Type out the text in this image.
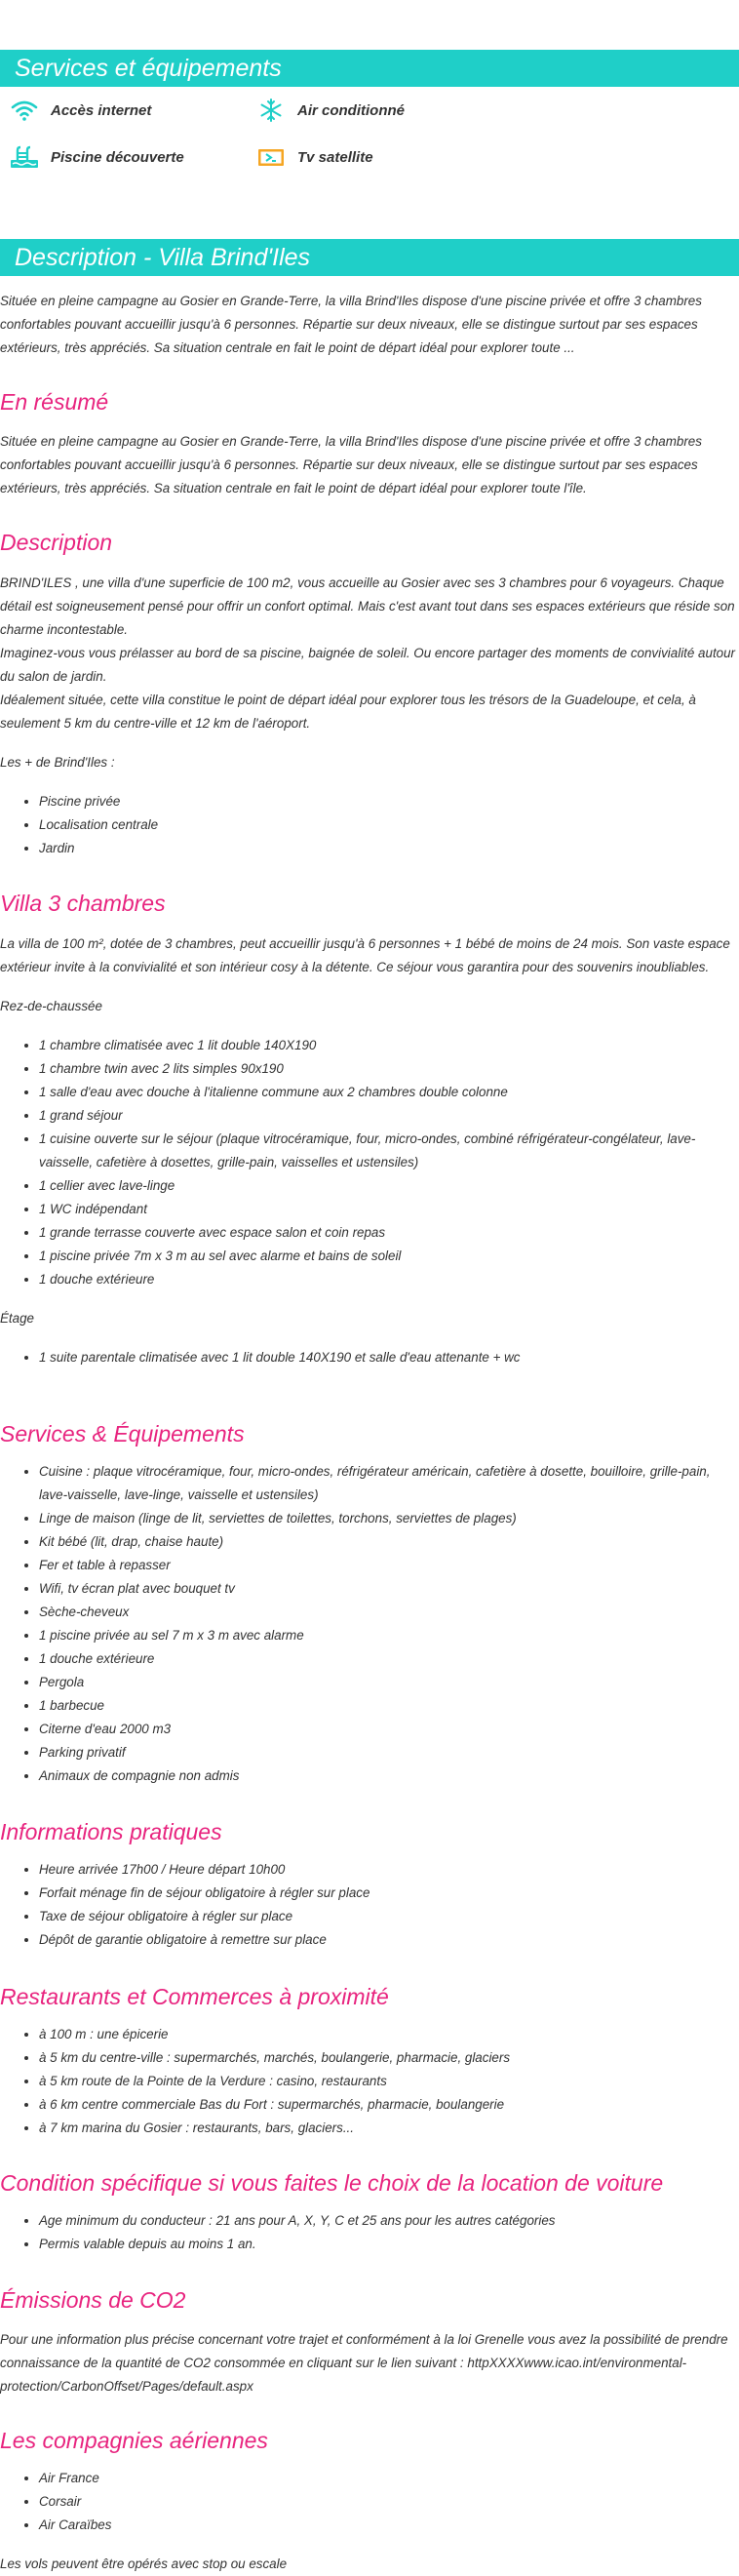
Services et équipements
Accès internet	Air conditionné
Piscine découverte	Tv satellite
Description - Villa Brind'Iles

Située en pleine campagne au Gosier en Grande-Terre, la villa Brind'Iles dispose d'une piscine privée et offre 3 chambres confortables pouvant accueillir jusqu'à 6 personnes. Répartie sur deux niveaux, elle se distingue surtout par ses espaces extérieurs, très appréciés. Sa situation centrale en fait le point de départ idéal pour explorer toute ...

En résumé

Située en pleine campagne au Gosier en Grande-Terre, la villa Brind'Iles dispose d'une piscine privée et offre 3 chambres confortables pouvant accueillir jusqu'à 6 personnes. Répartie sur deux niveaux, elle se distingue surtout par ses espaces extérieurs, très appréciés. Sa situation centrale en fait le point de départ idéal pour explorer toute l'île.

Description

BRIND'ILES , une villa d'une superficie de 100 m2, vous accueille au Gosier avec ses 3 chambres pour 6 voyageurs. Chaque détail est soigneusement pensé pour offrir un confort optimal. Mais c'est avant tout dans ses espaces extérieurs que réside son charme incontestable.

Imaginez-vous vous prélasser au bord de sa piscine, baignée de soleil. Ou encore partager des moments de convivialité autour du salon de jardin.

Idéalement située, cette villa constitue le point de départ idéal pour explorer tous les trésors de la Guadeloupe, et cela, à seulement 5 km du centre-ville et 12 km de l'aéroport.

Les + de Brind'Iles :

• Piscine privée
• Localisation centrale
• Jardin
Villa 3 chambres

La villa de 100 m², dotée de 3 chambres, peut accueillir jusqu'à 6 personnes + 1 bébé de moins de 24 mois. Son vaste espace extérieur invite à la convivialité et son intérieur cosy à la détente. Ce séjour vous garantira pour des souvenirs inoubliables.

Rez-de-chaussée

• 1 chambre climatisée avec 1 lit double 140X190
• 1 chambre twin avec 2 lits simples 90x190
• 1 salle d'eau avec douche à l'italienne commune aux 2 chambres double colonne
• 1 grand séjour
• 1 cuisine ouverte sur le séjour (plaque vitrocéramique, four, micro-ondes, combiné réfrigérateur-congélateur, lave-vaisselle, cafetière à dosettes, grille-pain, vaisselles et ustensiles)
• 1 cellier avec lave-linge
• 1 WC indépendant
• 1 grande terrasse couverte avec espace salon et coin repas
• 1 piscine privée 7m x 3 m au sel avec alarme et bains de soleil
• 1 douche extérieure

Étage

• 1 suite parentale climatisée avec 1 lit double 140X190 et salle d'eau attenante + wc
Services & Équipements
• Cuisine : plaque vitrocéramique, four, micro-ondes, réfrigérateur américain, cafetière à dosette, bouilloire, grille-pain, lave-vaisselle, lave-linge, vaisselle et ustensiles)
• Linge de maison (linge de lit, serviettes de toilettes, torchons, serviettes de plages)
• Kit bébé (lit, drap, chaise haute)
• Fer et table à repasser
• Wifi, tv écran plat avec bouquet tv
• Sèche-cheveux
• 1 piscine privée au sel 7 m x 3 m avec alarme
• 1 douche extérieure
• Pergola
• 1 barbecue
• Citerne d'eau 2000 m3
• Parking privatif
• Animaux de compagnie non admis
Informations pratiques
• Heure arrivée 17h00 / Heure départ 10h00
• Forfait ménage fin de séjour obligatoire à régler sur place
• Taxe de séjour obligatoire à régler sur place
• Dépôt de garantie obligatoire à remettre sur place
Restaurants et Commerces à proximité
• à 100 m : une épicerie
• à 5 km du centre-ville : supermarchés, marchés, boulangerie, pharmacie, glaciers
• à 5 km route de la Pointe de la Verdure : casino, restaurants
• à 6 km centre commerciale Bas du Fort : supermarchés, pharmacie, boulangerie
• à 7 km marina du Gosier : restaurants, bars, glaciers...
Condition spécifique si vous faites le choix de la location de voiture
• Age minimum du conducteur : 21 ans pour A, X, Y, C et 25 ans pour les autres catégories
• Permis valable depuis au moins 1 an.
Émissions de CO2

Pour une information plus précise concernant votre trajet et conformément à la loi Grenelle vous avez la possibilité de prendre connaissance de la quantité de CO2 consommée en cliquant sur le lien suivant : httpXXXXwww.icao.int/environmental-protection/CarbonOffset/Pages/default.aspx

Les compagnies aériennes
• Air France
• Corsair
• Air Caraïbes

Les vols peuvent être opérés avec stop ou escale
